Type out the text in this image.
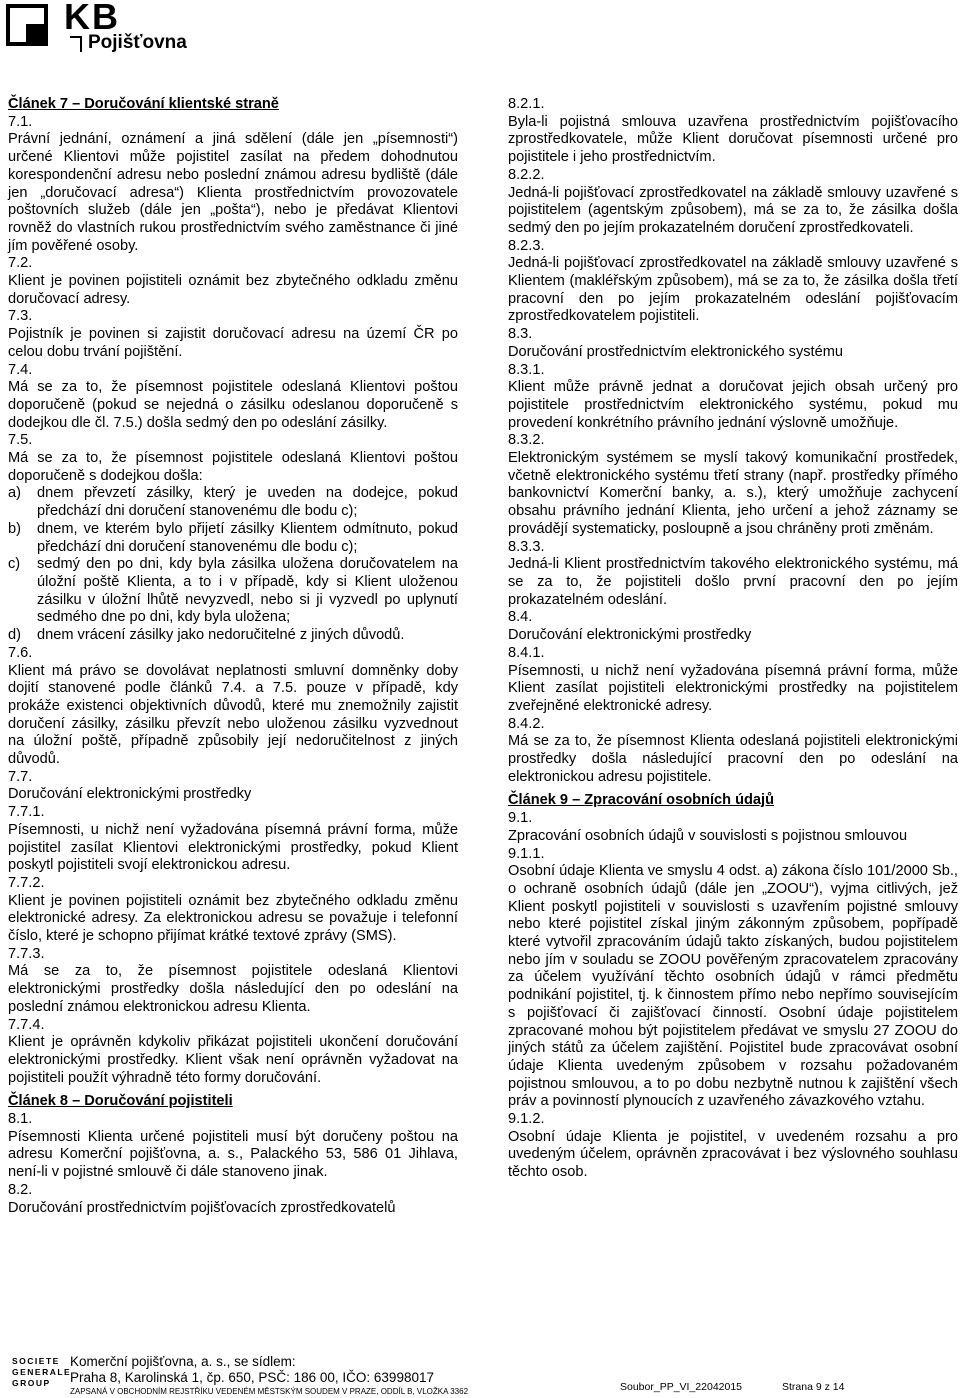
KB
Pojišťovna
Článek 7 – Doručování klientské straně

7.1.

Právní jednání, oznámení a jiná sdělení (dále jen „písemnosti“) určené Klientovi může pojistitel zasílat na předem dohodnutou korespondenční adresu nebo poslední známou adresu bydliště (dále jen „doručovací adresa“) Klienta prostřednictvím provozovatele poštovních služeb (dále jen „pošta“), nebo je předávat Klientovi rovněž do vlastních rukou prostřednictvím svého zaměstnance či jiné jím pověřené osoby.

7.2.

Klient je povinen pojistiteli oznámit bez zbytečného odkladu změnu doručovací adresy.

7.3.

Pojistník je povinen si zajistit doručovací adresu na území ČR po celou dobu trvání pojištění.

7.4.

Má se za to, že písemnost pojistitele odeslaná Klientovi poštou doporučeně (pokud se nejedná o zásilku odeslanou doporučeně s dodejkou dle čl. 7.5.) došla sedmý den po odeslání zásilky.

7.5.

Má se za to, že písemnost pojistitele odeslaná Klientovi poštou doporučeně s dodejkou došla:

a)	dnem převzetí zásilky, který je uveden na dodejce, pokud předchází dni doručení stanovenému dle bodu c);
b)	dnem, ve kterém bylo přijetí zásilky Klientem odmítnuto, pokud předchází dni doručení stanovenému dle bodu c);
c)	sedmý den po dni, kdy byla zásilka uložena doručovatelem na úložní poště Klienta, a to i v případě, kdy si Klient uloženou zásilku v úložní lhůtě nevyzvedl, nebo si ji vyzvedl po uplynutí sedmého dne po dni, kdy byla uložena;
d)	dnem vrácení zásilky jako nedoručitelné z jiných důvodů.

7.6.

Klient má právo se dovolávat neplatnosti smluvní domněnky doby dojití stanovené podle článků 7.4. a 7.5. pouze v případě, kdy prokáže existenci objektivních důvodů, které mu znemožnily zajistit doručení zásilky, zásilku převzít nebo uloženou zásilku vyzvednout na úložní poště, případně způsobily její nedoručitelnost z jiných důvodů.

7.7.

Doručování elektronickými prostředky

7.7.1.

Písemnosti, u nichž není vyžadována písemná právní forma, může pojistitel zasílat Klientovi elektronickými prostředky, pokud Klient poskytl pojistiteli svojí elektronickou adresu.

7.7.2.

Klient je povinen pojistiteli oznámit bez zbytečného odkladu změnu elektronické adresy. Za elektronickou adresu se považuje i telefonní číslo, které je schopno přijímat krátké textové zprávy (SMS).

7.7.3.

Má se za to, že písemnost pojistitele odeslaná Klientovi elektronickými prostředky došla následující den po odeslání na poslední známou elektronickou adresu Klienta.

7.7.4.

Klient je oprávněn kdykoliv přikázat pojistiteli ukončení doručování elektronickými prostředky. Klient však není oprávněn vyžadovat na pojistiteli použít výhradně této formy doručování.

Článek 8 – Doručování pojistiteli

8.1.

Písemnosti Klienta určené pojistiteli musí být doručeny poštou na adresu Komerční pojišťovna, a. s., Palackého 53, 586 01 Jihlava, není-li v pojistné smlouvě či dále stanoveno jinak.

8.2.

Doručování prostřednictvím pojišťovacích zprostředkovatelů

8.2.1.

Byla-li pojistná smlouva uzavřena prostřednictvím pojišťovacího zprostředkovatele, může Klient doručovat písemnosti určené pro pojistitele i jeho prostřednictvím.

8.2.2.

Jedná-li pojišťovací zprostředkovatel na základě smlouvy uzavřené s pojistitelem (agentským způsobem), má se za to, že zásilka došla sedmý den po jejím prokazatelném doručení zprostředkovateli.

8.2.3.

Jedná-li pojišťovací zprostředkovatel na základě smlouvy uzavřené s Klientem (makléřským způsobem), má se za to, že zásilka došla třetí pracovní den po jejím prokazatelném odeslání pojišťovacím zprostředkovatelem pojistiteli.

8.3.

Doručování prostřednictvím elektronického systému

8.3.1.

Klient může právně jednat a doručovat jejich obsah určený pro pojistitele prostřednictvím elektronického systému, pokud mu provedení konkrétního právního jednání výslovně umožňuje.

8.3.2.

Elektronickým systémem se myslí takový komunikační prostředek, včetně elektronického systému třetí strany (např. prostředky přímého bankovnictví Komerční banky, a. s.), který umožňuje zachycení obsahu právního jednání Klienta, jeho určení a jehož záznamy se provádějí systematicky, posloupně a jsou chráněny proti změnám.

8.3.3.

Jedná-li Klient prostřednictvím takového elektronického systému, má se za to, že pojistiteli došlo první pracovní den po jejím prokazatelném odeslání.

8.4.

Doručování elektronickými prostředky

8.4.1.

Písemnosti, u nichž není vyžadována písemná právní forma, může Klient zasílat pojistiteli elektronickými prostředky na pojistitelem zveřejněné elektronické adresy.

8.4.2.

Má se za to, že písemnost Klienta odeslaná pojistiteli elektronickými prostředky došla následující pracovní den po odeslání na elektronickou adresu pojistitele.

Článek 9 – Zpracování osobních údajů

9.1.

Zpracování osobních údajů v souvislosti s pojistnou smlouvou

9.1.1.

Osobní údaje Klienta ve smyslu 4 odst. a) zákona číslo 101/2000 Sb., o ochraně osobních údajů (dále jen „ZOOU“), vyjma citlivých, jež Klient poskytl pojistiteli v souvislosti s uzavřením pojistné smlouvy nebo které pojistitel získal jiným zákonným způsobem, popřípadě které vytvořil zpracováním údajů takto získaných, budou pojistitelem nebo jím v souladu se ZOOU pověřeným zpracovatelem zpracovány za účelem využívání těchto osobních údajů v rámci předmětu podnikání pojistitel, tj. k činnostem přímo nebo nepřímo souvisejícím s pojišťovací či zajišťovací činností. Osobní údaje pojistitelem zpracované mohou být pojistitelem předávat ve smyslu 27 ZOOU do jiných států za účelem zajištění. Pojistitel bude zpracovávat osobní údaje Klienta uvedeným způsobem v rozsahu požadovaném pojistnou smlouvou, a to po dobu nezbytně nutnou k zajištění všech práv a povinností plynoucích z uzavřeného závazkového vztahu.

9.1.2.

Osobní údaje Klienta je pojistitel, v uvedeném rozsahu a pro uvedeným účelem, oprávněn zpracovávat i bez výslovného souhlasu těchto osob.

SOCIETE
GENERALE
GROUP
Komerční pojišťovna, a. s., se sídlem:
Praha 8, Karolinská 1, čp. 650, PSČ: 186 00, IČO: 63998017
ZAPSANÁ V OBCHODNÍM REJSTŘÍKU VEDENÉM MĚSTSKÝM SOUDEM V PRAZE, ODDÍL B, VLOŽKA 3362	Soubor_PP_VI_22042015	Strana 9 z 14
